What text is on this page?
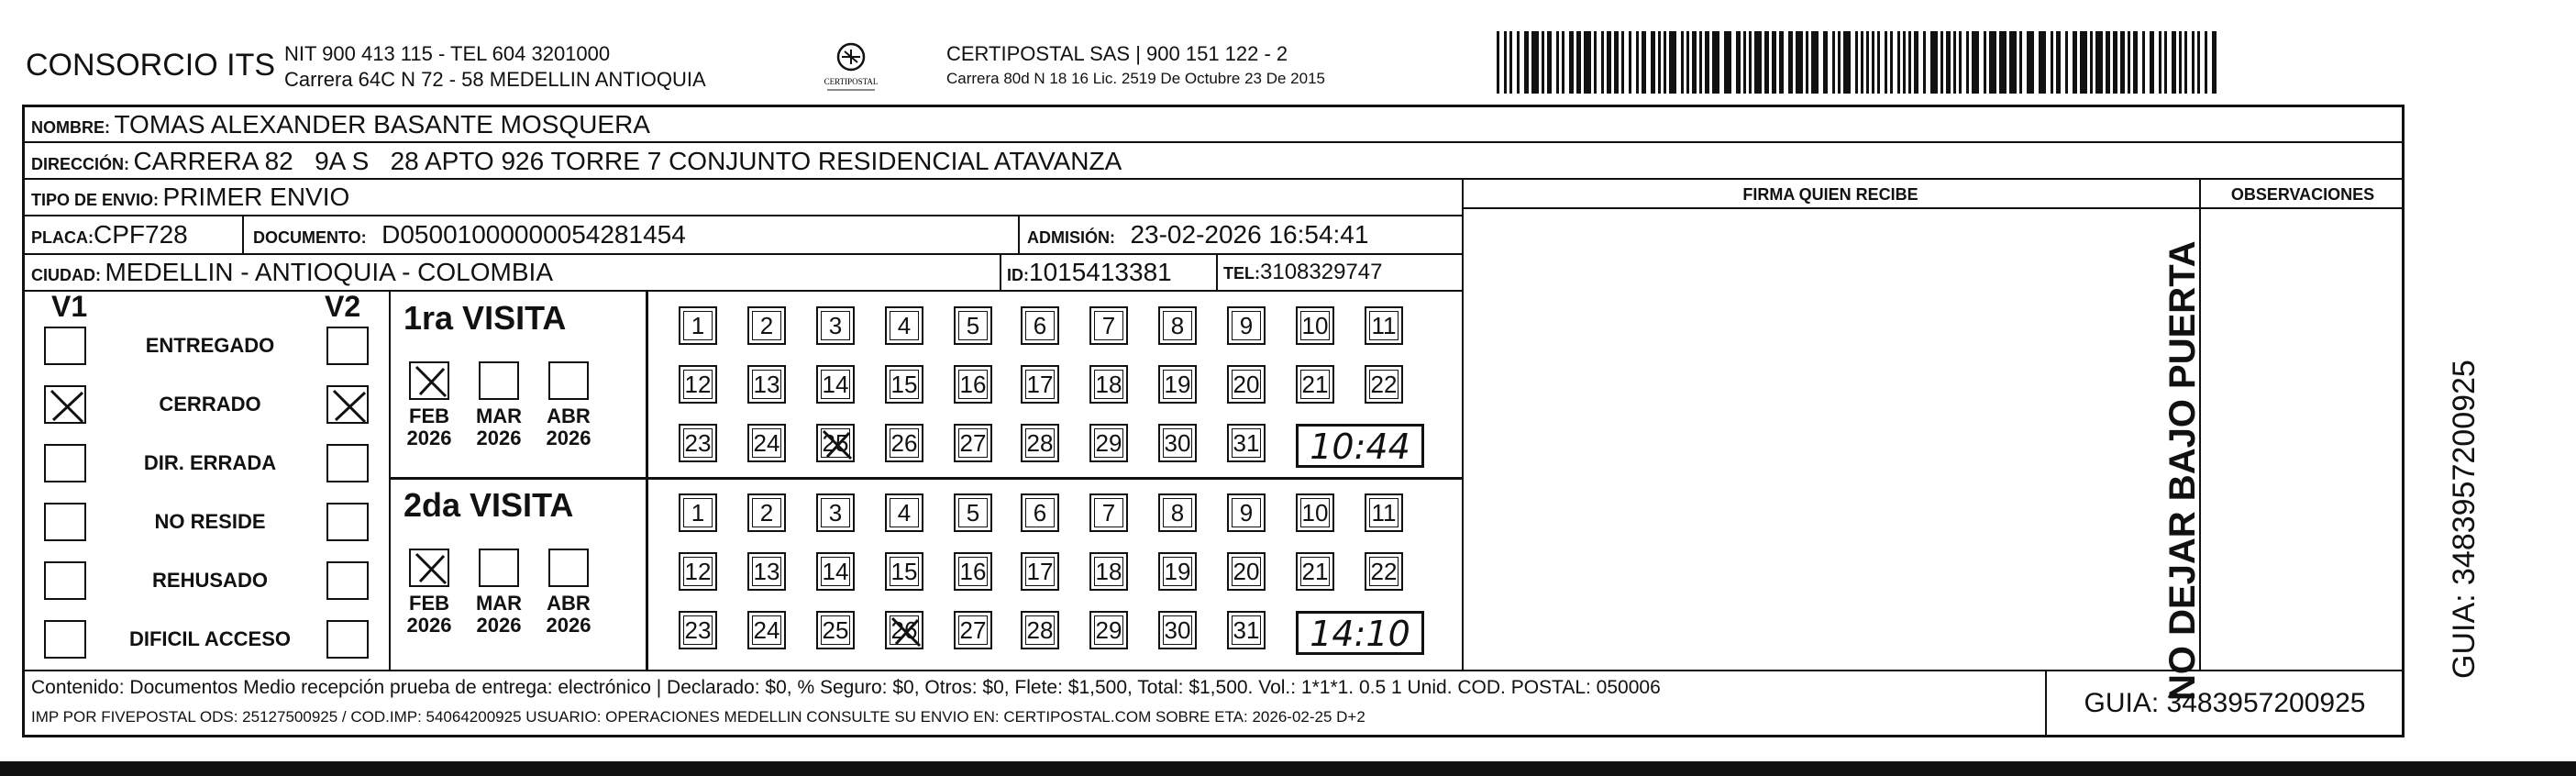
CONSORCIO ITS NIT 900 413 115 - TEL 604 3201000
Carrera 64C N 72 - 58 MEDELLIN ANTIOQUIA	CERTIPOSTAL
CERTIPOSTAL SAS | 900 151 122 - 2
Carrera 80d N 18 16 Lic. 2519 De Octubre 23 De 2015
NOMBRE: TOMAS ALEXANDER BASANTE MOSQUERA
DIRECCIÓN: CARRERA 82   9A S   28 APTO 926 TORRE 7 CONJUNTO RESIDENCIAL ATAVANZA
TIPO DE ENVIO: PRIMER ENVIO	FIRMA QUIEN RECIBE	OBSERVACIONES
PLACA:CPF728	DOCUMENTO: D05001000000054281454	ADMISIÓN: 23-02-2026 16:54:41
CIUDAD: MEDELLIN - ANTIOQUIA - COLOMBIA	ID:1015413381	TEL:3108329747
V1	V2
ENTREGADO
CERRADO
DIR. ERRADA
NO RESIDE
REHUSADO
DIFICIL ACCESO
1ra VISITA
FEB
2026
MAR
2026
ABR
2026
1	2	3	4	5	6	7	8	9	10 11
12 13 14 15 16 17 18 19 20 21 22
23 24 25 26 27 28 29 30 31	10:44
2da VISITA
FEB
2026
MAR
2026
ABR
2026
1	2	3	4	5	6	7	8	9	10 11
12 13 14 15 16 17 18 19 20 21 22
23 24 25 26 27 28 29 30 31	14:10
Contenido: Documentos Medio recepción prueba de entrega: electrónico | Declarado: $0, % Seguro: $0, Otros: $0, Flete: $1,500, Total: $1,500. Vol.: 1*1*1. 0.5 1 Unid. COD. POSTAL: 050006
IMP POR FIVEPOSTAL ODS: 25127500925 / COD.IMP: 54064200925 USUARIO: OPERACIONES MEDELLIN CONSULTE SU ENVIO EN: CERTIPOSTAL.COM SOBRE ETA: 2026-02-25 D+2	GUIA: 3483957200925
NO DEJAR BAJO PUERTA	GUIA: 3483957200925
